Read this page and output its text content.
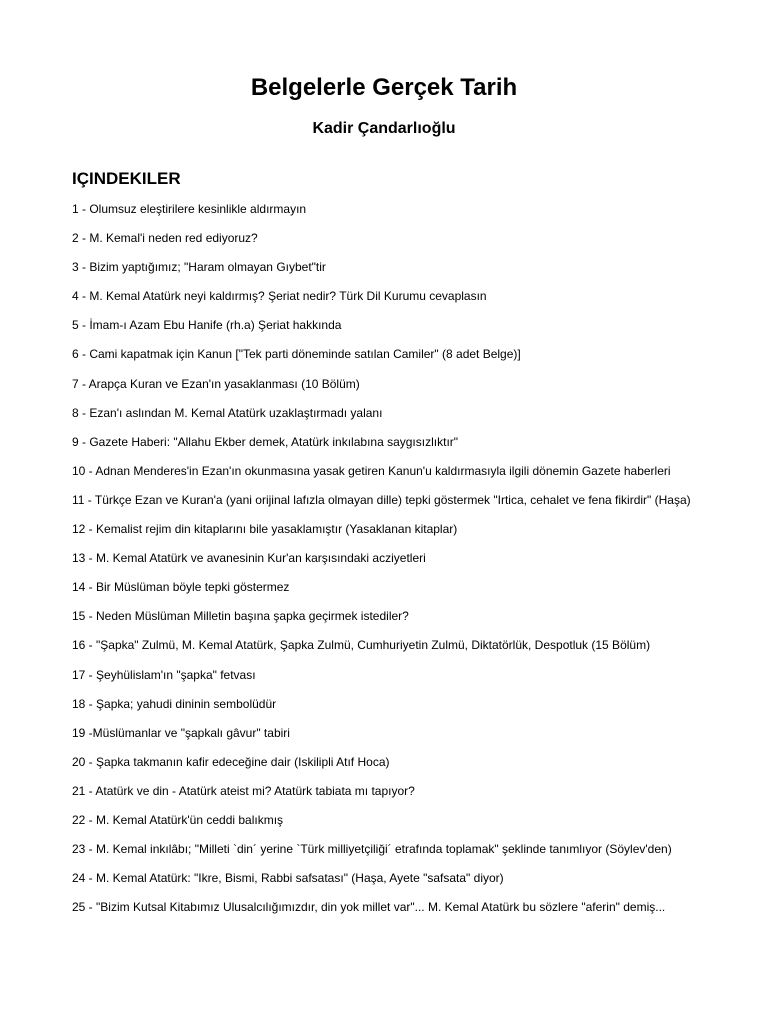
Belgelerle Gerçek Tarih
Kadir Çandarlıoğlu
IÇINDEKILER
1 - Olumsuz eleştirilere kesinlikle aldırmayın
2 - M. Kemal'i neden red ediyoruz?
3 - Bizim yaptığımız; "Haram olmayan Gıybet"tir
4 - M. Kemal Atatürk neyi kaldırmış? Şeriat nedir? Türk Dil Kurumu cevaplasın
5 - İmam-ı Azam Ebu Hanife (rh.a) Şeriat hakkında
6 - Cami kapatmak için Kanun ["Tek parti döneminde satılan Camiler" (8 adet Belge)]
7 - Arapça Kuran ve Ezan'ın yasaklanması (10 Bölüm)
8 - Ezan'ı aslından M. Kemal Atatürk uzaklaştırmadı yalanı
9 - Gazete Haberi: "Allahu Ekber demek, Atatürk inkılabına saygısızlıktır"
10 - Adnan Menderes'in Ezan'ın okunmasına yasak getiren Kanun'u kaldırmasıyla ilgili dönemin Gazete haberleri
11 - Türkçe Ezan ve Kuran'a (yani orijinal lafızla olmayan dille) tepki göstermek "Irtica, cehalet ve fena fikirdir" (Haşa)
12 - Kemalist rejim din kitaplarını bile yasaklamıştır (Yasaklanan kitaplar)
13 - M. Kemal Atatürk ve avanesinin Kur'an karşısındaki acziyetleri
14 - Bir Müslüman böyle tepki göstermez
15 - Neden Müslüman Milletin başına şapka geçirmek istediler?
16 - "Şapka" Zulmü, M. Kemal Atatürk, Şapka Zulmü, Cumhuriyetin Zulmü, Diktatörlük, Despotluk (15 Bölüm)
17 - Şeyhülislam'ın "şapka" fetvası
18 - Şapka; yahudi dininin sembolüdür
19 -Müslümanlar ve "şapkalı gâvur" tabiri
20 - Şapka takmanın kafir edeceğine dair (Iskilipli Atıf Hoca)
21 - Atatürk ve din - Atatürk ateist mi? Atatürk tabiata mı tapıyor?
22 - M. Kemal Atatürk'ün ceddi balıkmış
23 - M. Kemal inkılâbı; "Milleti `din´ yerine `Türk milliyetçiliği´ etrafında toplamak" şeklinde tanımlıyor (Söylev'den)
24 - M. Kemal Atatürk: "Ikre, Bismi, Rabbi safsatası" (Haşa, Ayete "safsata" diyor)
25 - "Bizim Kutsal Kitabımız Ulusalcılığımızdır, din yok millet var"... M. Kemal Atatürk bu sözlere "aferin" demiş...
